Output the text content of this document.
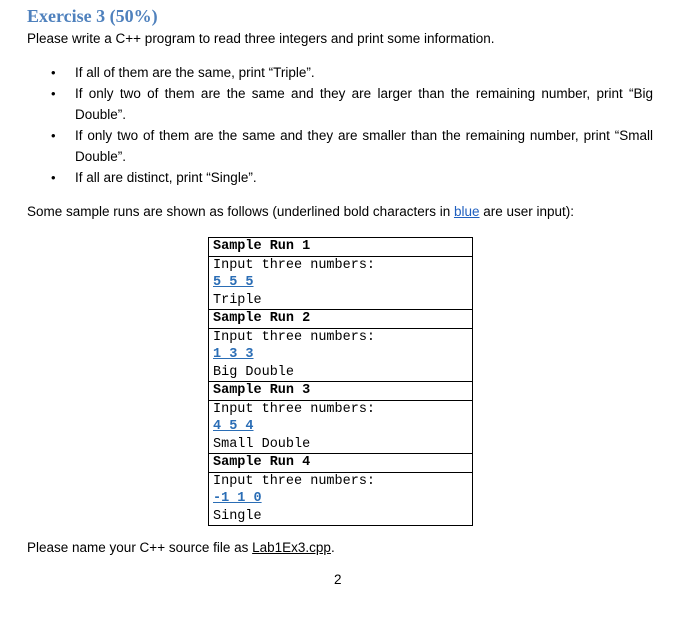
Exercise 3 (50%)
Please write a C++ program to read three integers and print some information.
• If all of them are the same, print “Triple”.
• If only two of them are the same and they are larger than the remaining number, print “Big Double”.
• If only two of them are the same and they are smaller than the remaining number, print “Small Double”.
• If all are distinct, print “Single”.
Some sample runs are shown as follows (underlined bold characters in blue are user input):
Sample Run 1

Input three numbers:
5 5 5
Triple

Sample Run 2

Input three numbers:
1 3 3
Big Double

Sample Run 3

Input three numbers:
4 5 4
Small Double

Sample Run 4

Input three numbers:
-1 1 0
Single
Please name your C++ source file as Lab1Ex3.cpp.
2
